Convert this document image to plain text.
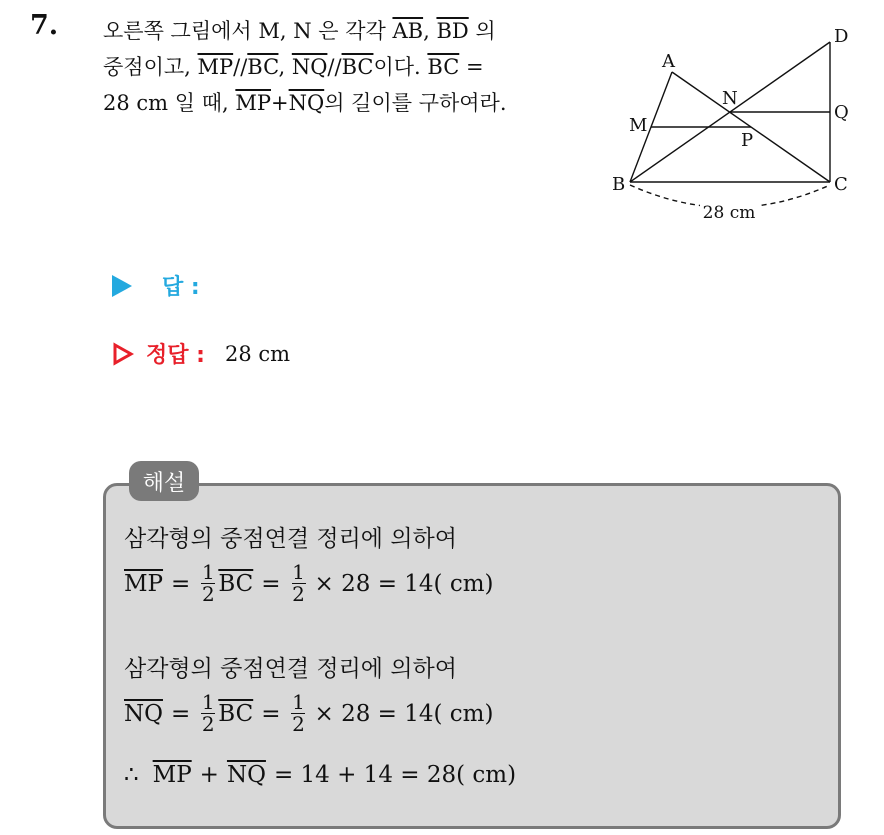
7. 오른쪽 그림에서 M, N 은 각각 $\overline{AB}$, $\overline{BD}$ 의
중점이고, $\overline{MP}//\overline{BC}$, $\overline{NQ}//\overline{BC}$이다. $\overline{BC}$ =
28 cm 일 때, $\overline{MP}+\overline{NQ}$의 길이를 구하여라.
A
B	C
D
M
N
P
Q
28 cm
답 :
정답 : 28 cm
해설
삼각형의 중점연결 정리에 의하여
$\overline{MP} = \frac{1}{2} \overline{BC} = \frac{1}{2} \times 28 = 14$( cm)
삼각형의 중점연결 정리에 의하여
$\overline{NQ} = \frac{1}{2} \overline{BC} = \frac{1}{2} \times 28 = 14$( cm)
∴ $\overline{MP} + \overline{NQ} = 14 + 14 = 28$( cm)
